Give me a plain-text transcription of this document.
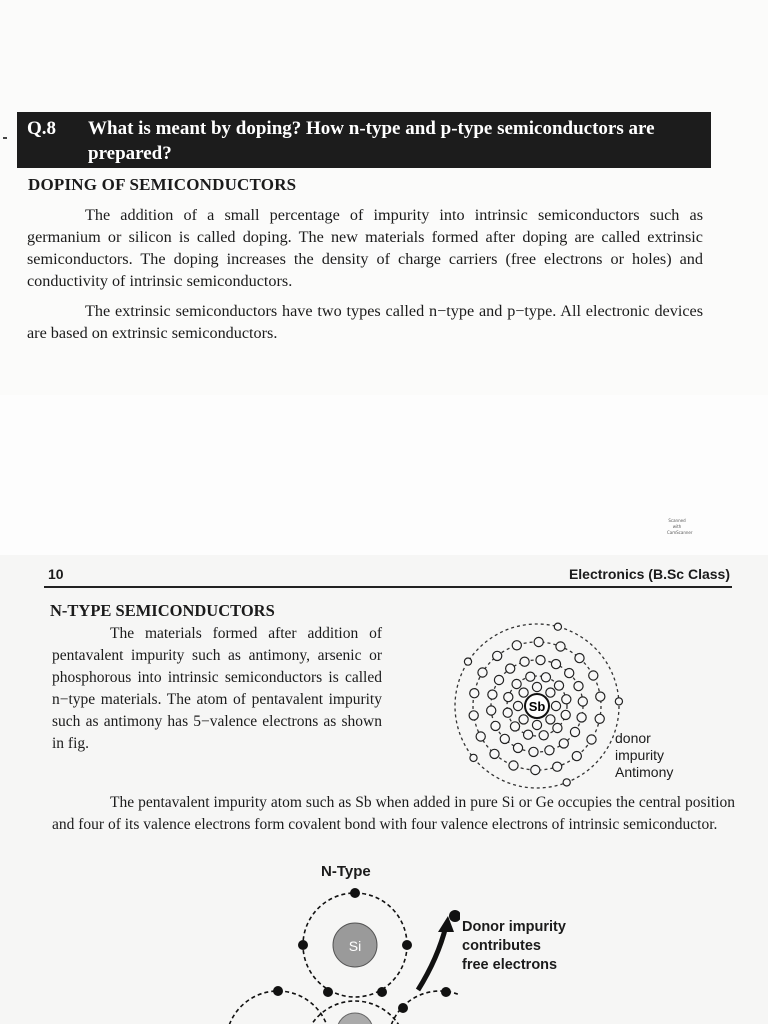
Q.8 What is meant by doping? How n-type and p-type semiconductors are prepared?
DOPING OF SEMICONDUCTORS
The addition of a small percentage of impurity into intrinsic semiconductors such as germanium or silicon is called doping. The new materials formed after doping are called extrinsic semiconductors. The doping increases the density of charge carriers (free electrons or holes) and conductivity of intrinsic semiconductors.
The extrinsic semiconductors have two types called n−type and p−type. All electronic devices are based on extrinsic semiconductors.
Scanned with
CamScanner
10	Electronics (B.Sc Class)
N-TYPE SEMICONDUCTORS
The materials formed after addition of pentavalent impurity such as antimony, arsenic or phosphorous into intrinsic semiconductors is called n−type materials. The atom of pentavalent impurity such as antimony has 5−valence electrons as shown in fig.
Sb
donor
impurity
Antimony
The pentavalent impurity atom such as Sb when added in pure Si or Ge occupies the central position and four of its valence electrons form covalent bond with four valence electrons of intrinsic semiconductor.
N-Type
Si
Donor impurity
contributes
free electrons
